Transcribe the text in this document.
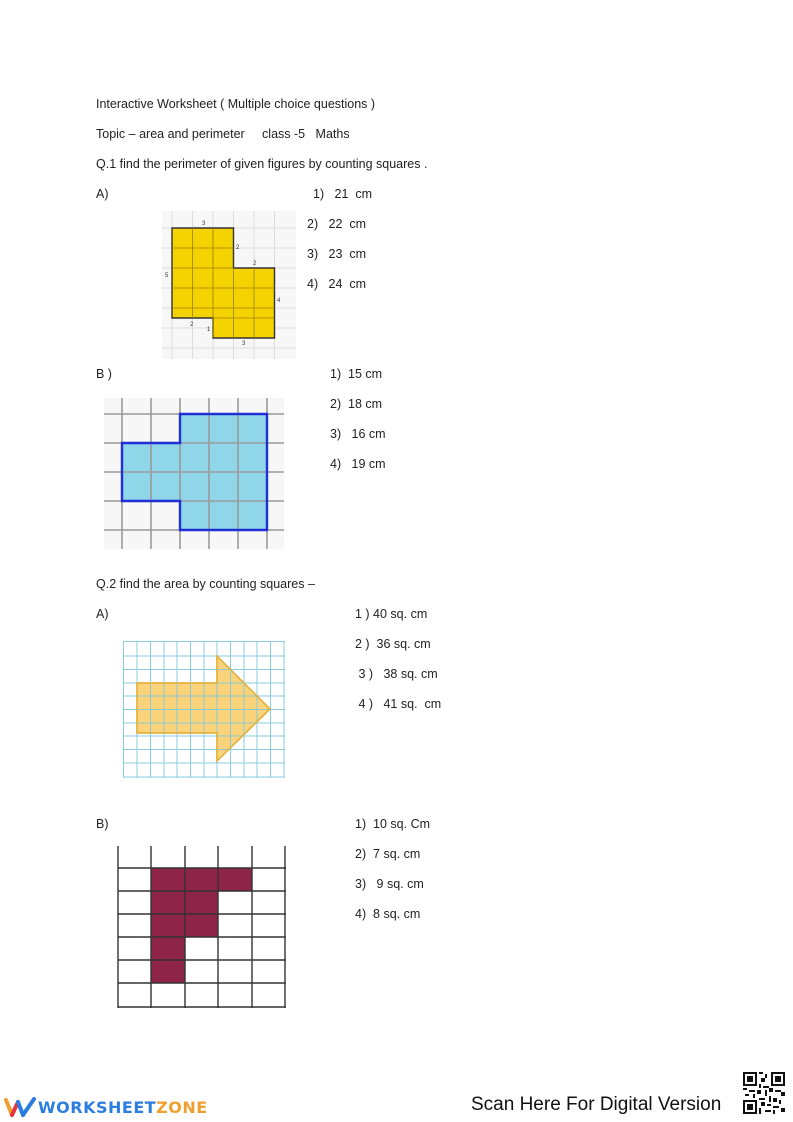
Interactive Worksheet ( Multiple choice questions )
Topic – area and perimeter     class -5   Maths
Q.1 find the perimeter of given figures by counting squares .
A)
3
2
2
4
3
1
2
5
1)   21  cm
2)   22  cm
3)   23  cm
4)   24  cm
B )	1)  15 cm
2)  18 cm
3)   16 cm
4)   19 cm
Q.2 find the area by counting squares –
A)	1 ) 40 sq. cm
2 )  36 sq. cm
3 )   38 sq. cm
4 )   41 sq.  cm
B)	1)  10 sq. Cm
2)  7 sq. cm
3)   9 sq. cm
4)  8 sq. cm
WORKSHEET ZONE	Scan Here For Digital Version
